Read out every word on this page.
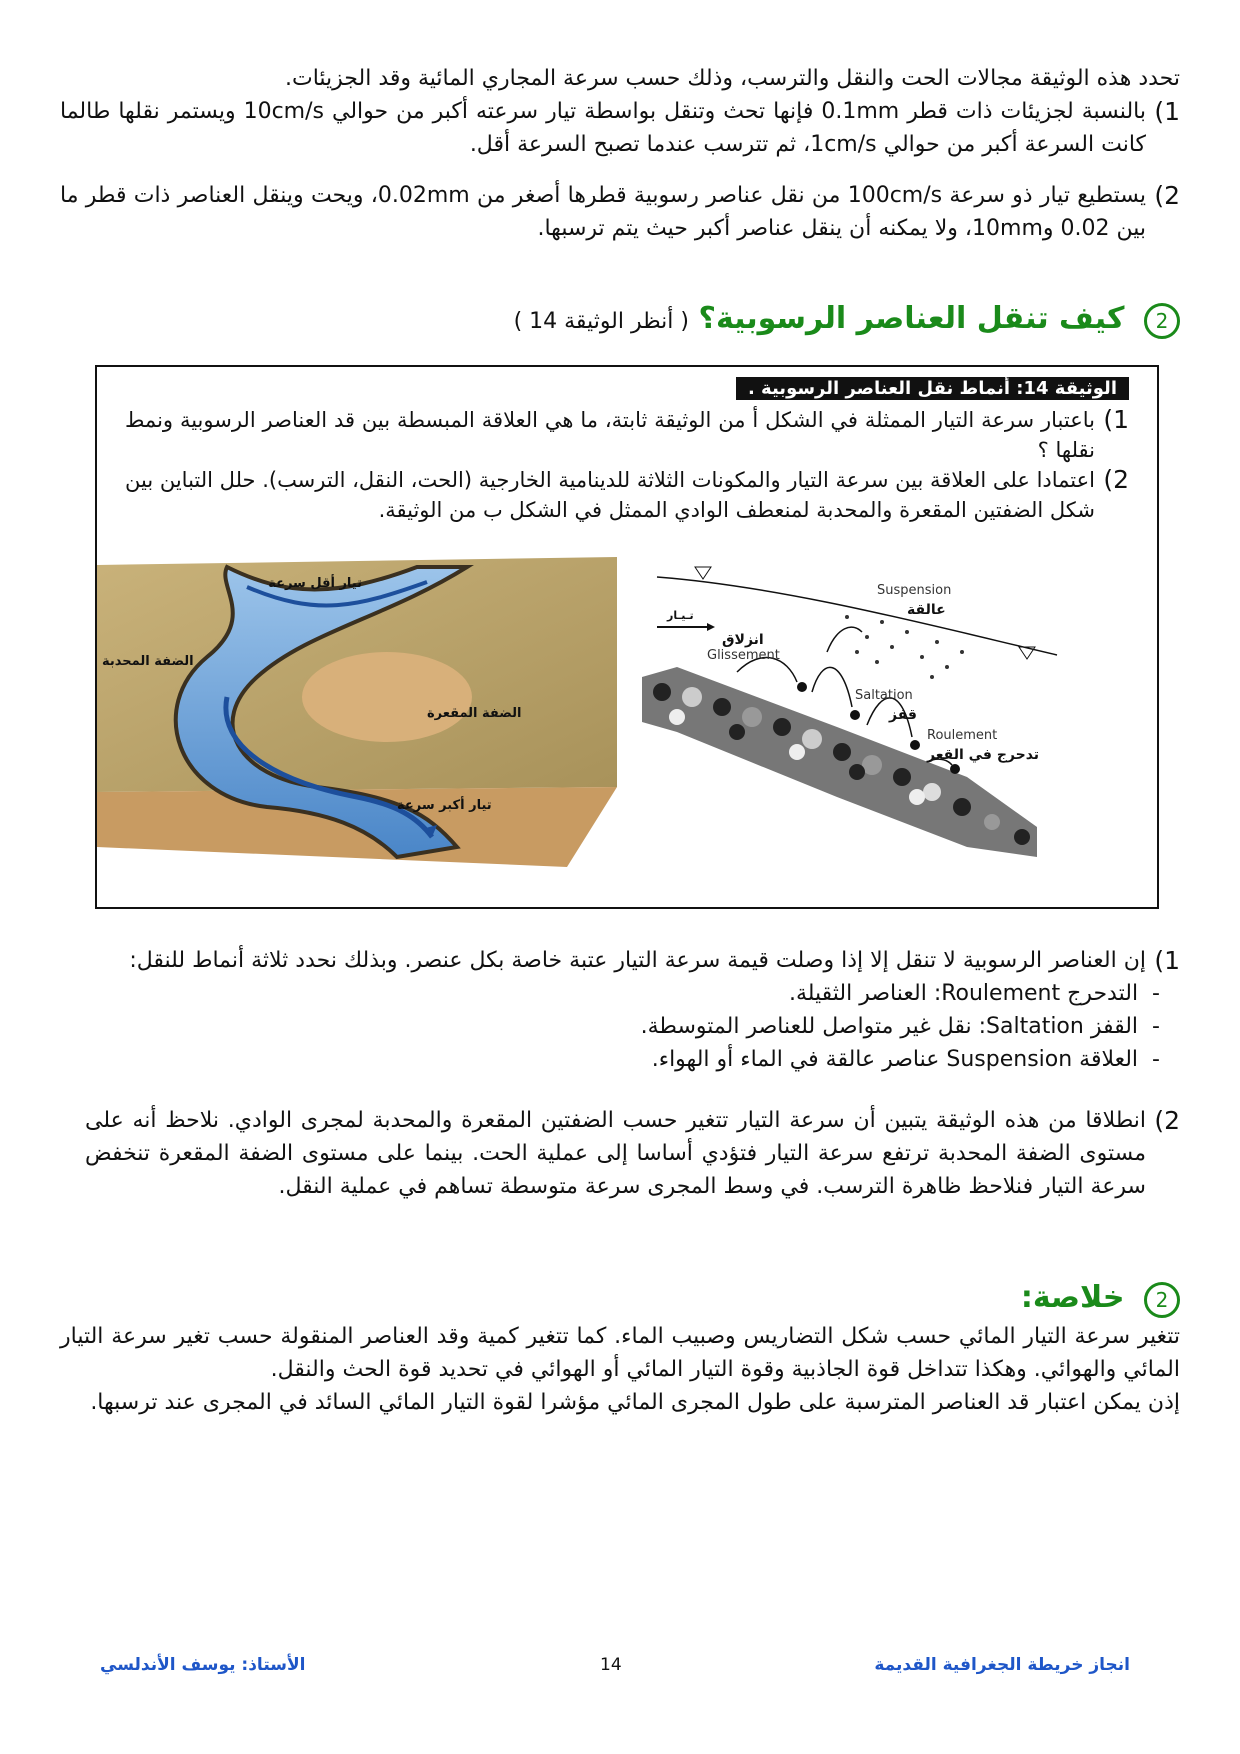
تحدد هذه الوثيقة مجالات الحت والنقل والترسب، وذلك حسب سرعة المجاري المائية وقد الجزيئات.
1)
بالنسبة لجزيئات ذات قطر 0.1mm فإنها تحث وتنقل بواسطة تيار سرعته أكبر من حوالي 10cm/s ويستمر نقلها طالما كانت السرعة أكبر من حوالي 1cm/s، ثم تترسب عندما تصبح السرعة أقل.
2)
يستطيع تيار ذو سرعة 100cm/s من نقل عناصر رسوبية قطرها أصغر من 0.02mm، ويحت وينقل العناصر ذات قطر ما بين 0.02 و10mm، ولا يمكنه أن ينقل عناصر أكبر حيث يتم ترسبها.
2 كيف تنقل العناصر الرسوبية؟ ( أنظر الوثيقة 14 )
الوثيقة 14: أنماط نقل العناصر الرسوبية .
1)
باعتبار سرعة التيار الممثلة في الشكل أ من الوثيقة ثابتة، ما هي العلاقة المبسطة بين قد العناصر الرسوبية ونمط نقلها ؟
2)
اعتمادا على العلاقة بين سرعة التيار والمكونات الثلاثة للدينامية الخارجية (الحت، النقل، الترسب). حلل التباين بين شكل الضفتين المقعرة والمحدبة لمنعطف الوادي الممثل في الشكل ب من الوثيقة.
تيار أقل سرعة
الضفة المحدبة
الضفة المقعرة
تيار أكبر سرعة
تـيـار
Suspension
عالقة
انزلاق
Glissement
Saltation
قفز
Roulement
تدحرج في القعر
1)
إن العناصر الرسوبية لا تنقل إلا إذا وصلت قيمة سرعة التيار عتبة خاصة بكل عنصر. وبذلك نحدد ثلاثة أنماط للنقل:
-  التدحرج Roulement: العناصر الثقيلة.
-  القفز Saltation: نقل غير متواصل للعناصر المتوسطة.
-  العلاقة Suspension عناصر عالقة في الماء أو الهواء.
2)
انطلاقا من هذه الوثيقة يتبين أن سرعة التيار تتغير حسب الضفتين المقعرة والمحدبة لمجرى الوادي. نلاحظ أنه على مستوى الضفة المحدبة ترتفع سرعة التيار فتؤدي أساسا إلى عملية الحت. بينما على مستوى الضفة المقعرة تنخفض سرعة التيار فنلاحظ ظاهرة الترسب. في وسط المجرى سرعة متوسطة تساهم في عملية النقل.
2 خلاصة:
تتغير سرعة التيار المائي حسب شكل التضاريس وصبيب الماء. كما تتغير كمية وقد العناصر المنقولة حسب تغير سرعة التيار المائي والهوائي. وهكذا تتداخل قوة الجاذبية وقوة التيار المائي أو الهوائي في تحديد قوة الحث والنقل.
إذن يمكن اعتبار قد العناصر المترسبة على طول المجرى المائي مؤشرا لقوة التيار المائي السائد في المجرى عند ترسبها.
انجاز خريطة الجغرافية القديمة
14
الأستاذ: يوسف الأندلسي
